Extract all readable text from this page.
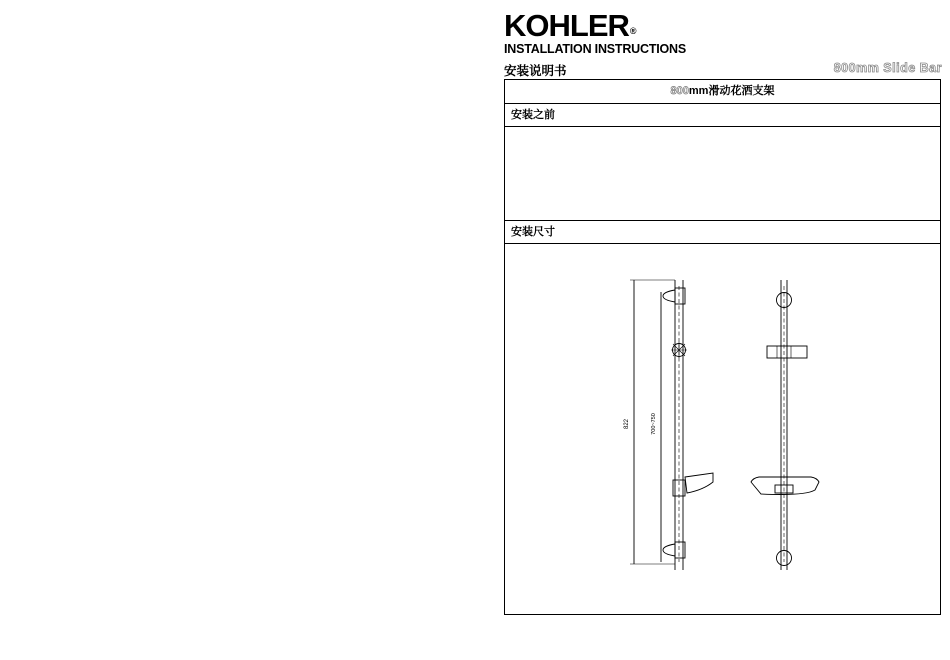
KOHLER®
INSTALLATION INSTRUCTIONS
安装说明书	800mm Slide Bar
800mm滑动花洒支架
安装之前
安装尺寸
822	700~750
